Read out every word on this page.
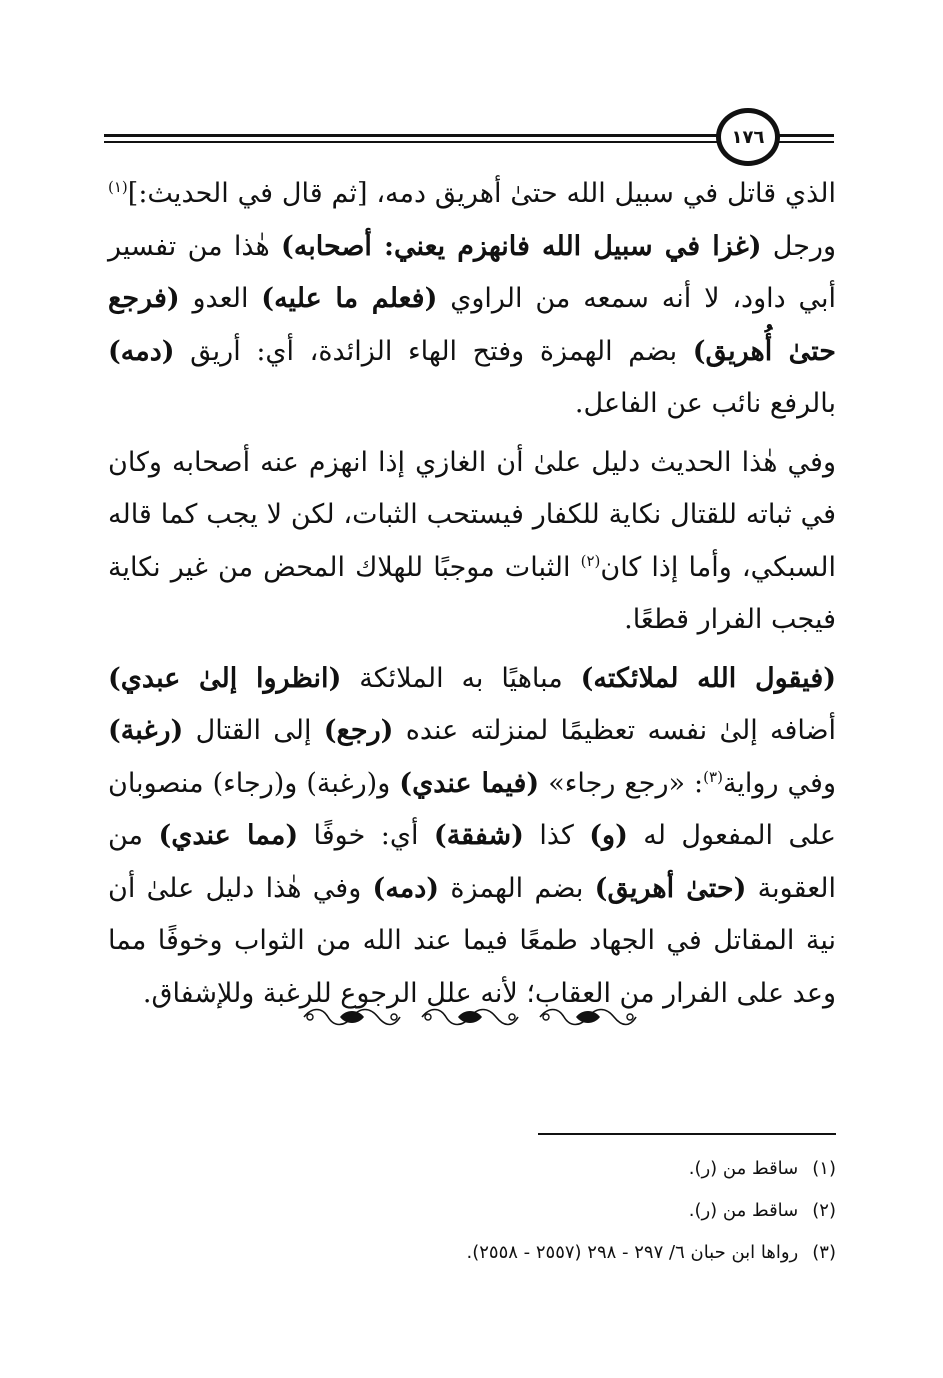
١٧٦

الذي قاتل في سبيل الله حتىٰ أهريق دمه، [ثم قال في الحديث:]$^{(١)}$ ورجل (غزا في سبيل الله فانهزم يعني: أصحابه) هٰذا من تفسير أبي داود، لا أنه سمعه من الراوي (فعلم ما عليه) العدو (فرجع حتىٰ أُهريق) بضم الهمزة وفتح الهاء الزائدة، أي: أريق (دمه) بالرفع نائب عن الفاعل.

وفي هٰذا الحديث دليل علىٰ أن الغازي إذا انهزم عنه أصحابه وكان في ثباته للقتال نكاية للكفار فيستحب الثبات، لكن لا يجب كما قاله السبكي، وأما إذا كان$^{(٢)}$ الثبات موجبًا للهلاك المحض من غير نكاية فيجب الفرار قطعًا.

(فيقول الله لملائكته) مباهيًا به الملائكة (انظروا إلىٰ عبدي) أضافه إلىٰ نفسه تعظيمًا لمنزلته عنده (رجع) إلى القتال (رغبة) وفي رواية$^{(٣)}$: «رجع رجاء» (فيما عندي) و(رغبة) و(رجاء) منصوبان على المفعول له (و) كذا (شفقة) أي: خوفًا (مما عندي) من العقوبة (حتىٰ أهريق) بضم الهمزة (دمه) وفي هٰذا دليل علىٰ أن نية المقاتل في الجهاد طمعًا فيما عند الله من الثواب وخوفًا مما وعد على الفرار من العقاب؛ لأنه علل الرجوع للرغبة وللإشفاق.

(١)ساقط من (ر).
(٢)ساقط من (ر).
(٣)رواها ابن حبان ٦/ ٢٩٧ - ٢٩٨ (٢٥٥٧ - ٢٥٥٨).
